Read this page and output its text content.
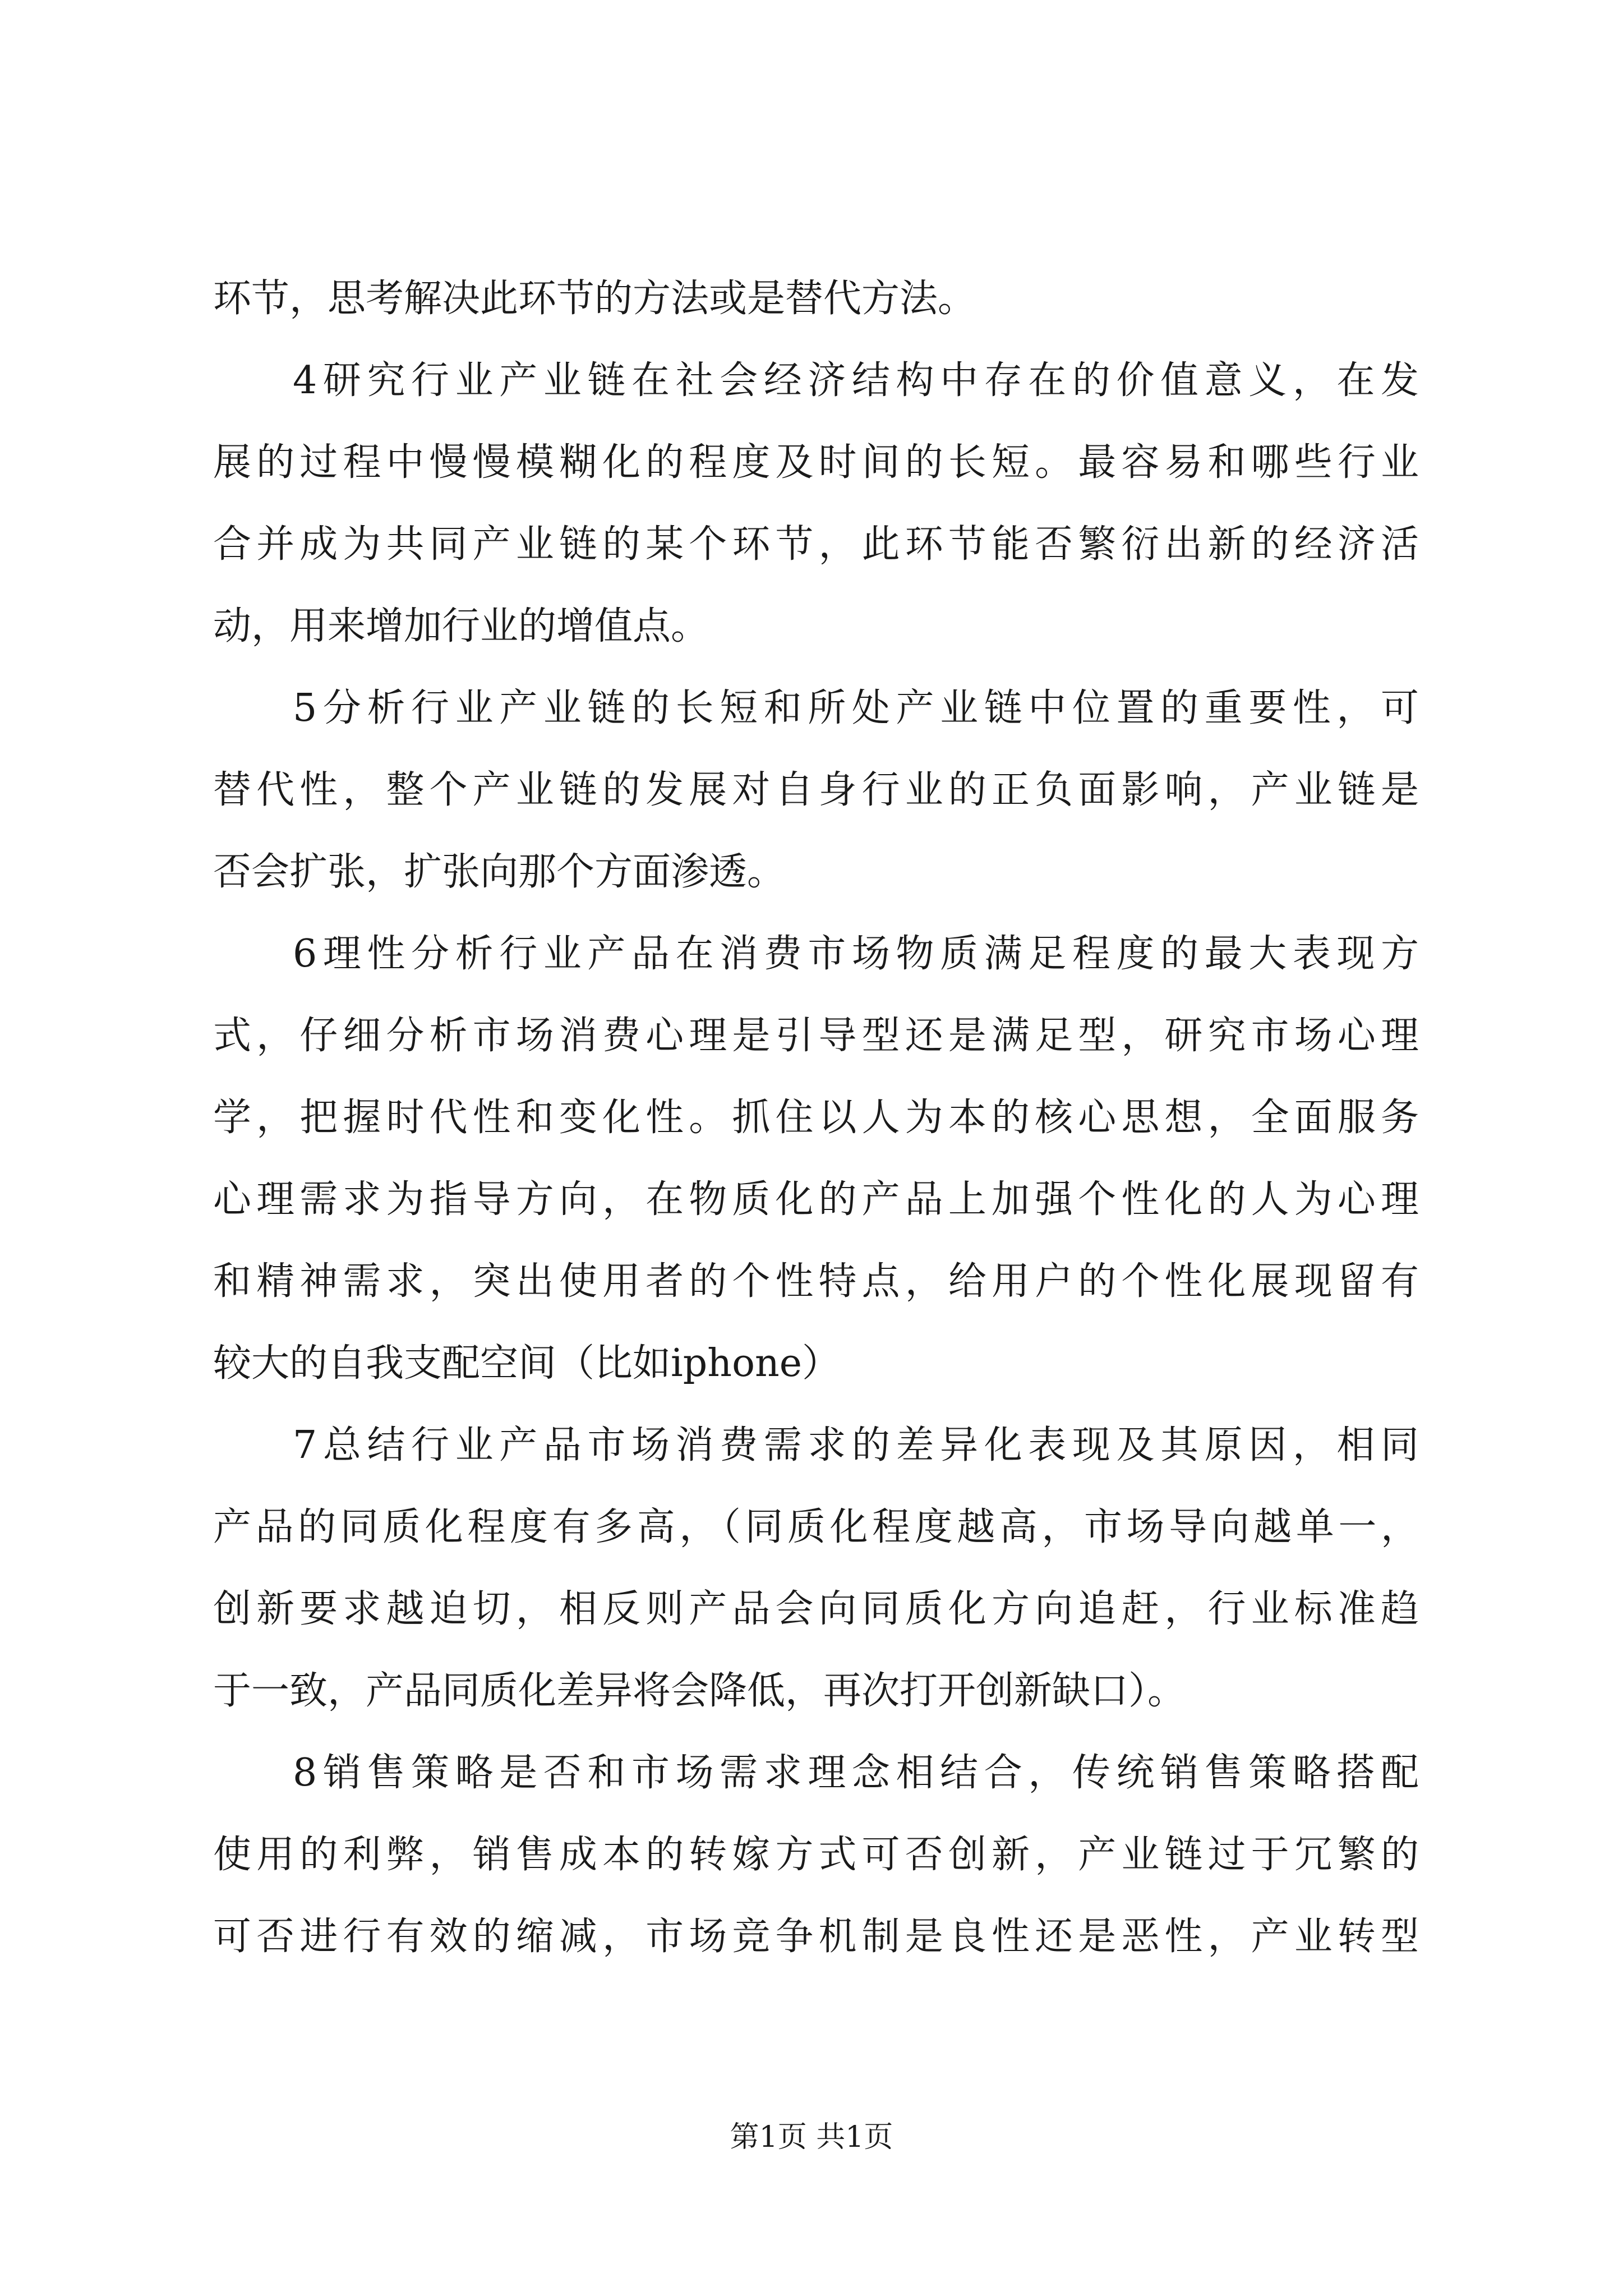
环节，思考解决此环节的方法或是替代方法。
4研究行业产业链在社会经济结构中存在的价值意义，在发
展的过程中慢慢模糊化的程度及时间的长短。最容易和哪些行业
合并成为共同产业链的某个环节，此环节能否繁衍出新的经济活
动，用来增加行业的增值点。
5分析行业产业链的长短和所处产业链中位置的重要性，可
替代性，整个产业链的发展对自身行业的正负面影响，产业链是
否会扩张，扩张向那个方面渗透。
6理性分析行业产品在消费市场物质满足程度的最大表现方
式，仔细分析市场消费心理是引导型还是满足型，研究市场心理
学，把握时代性和变化性。抓住以人为本的核心思想，全面服务
心理需求为指导方向，在物质化的产品上加强个性化的人为心理
和精神需求，突出使用者的个性特点，给用户的个性化展现留有
较大的自我支配空间（比如iphone）
7总结行业产品市场消费需求的差异化表现及其原因，相同
产品的同质化程度有多高，（同质化程度越高，市场导向越单一，
创新要求越迫切，相反则产品会向同质化方向追赶，行业标准趋
于一致，产品同质化差异将会降低，再次打开创新缺口）。
8销售策略是否和市场需求理念相结合，传统销售策略搭配
使用的利弊，销售成本的转嫁方式可否创新，产业链过于冗繁的
可否进行有效的缩减，市场竞争机制是良性还是恶性，产业转型
第1页 共1页
